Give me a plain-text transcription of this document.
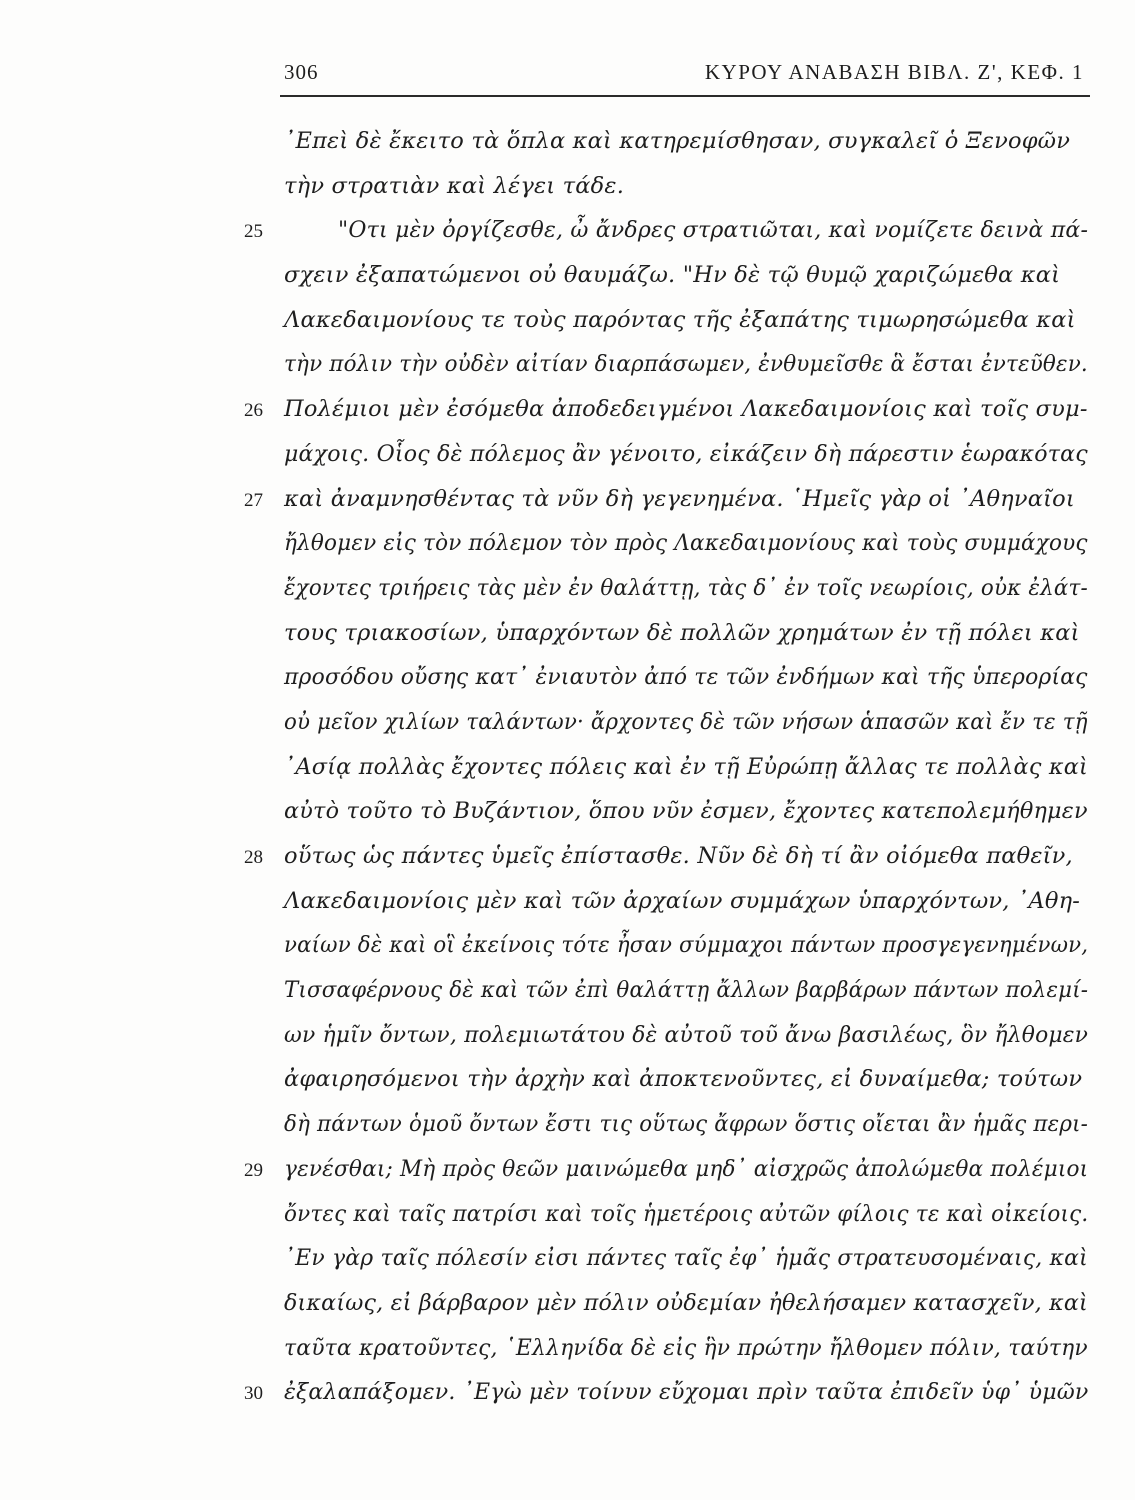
306	ΚΥΡΟΥ ΑΝΑΒΑΣΗ ΒΙΒΛ. Ζ', ΚΕΦ. 1
᾿Επεὶ δὲ ἔκειτο τὰ ὅπλα καὶ κατηρεμίσθησαν, συγκαλεῖ ὁ Ξενοφῶν
τὴν στρατιὰν καὶ λέγει τάδε.
25	"Οτι μὲν ὀργίζεσθε, ὦ ἄνδρες στρατιῶται, καὶ νομίζετε δεινὰ πά-
σχειν ἐξαπατώμενοι οὐ θαυμάζω. "Ην δὲ τῷ θυμῷ χαριζώμεθα καὶ
Λακεδαιμονίους τε τοὺς παρόντας τῆς ἐξαπάτης τιμωρησώμεθα καὶ
τὴν πόλιν τὴν οὐδὲν αἰτίαν διαρπάσωμεν, ἐνθυμεῖσθε ἃ ἔσται ἐντεῦθεν.
26 Πολέμιοι μὲν ἐσόμεθα ἀποδεδειγμένοι Λακεδαιμονίοις καὶ τοῖς συμ-
μάχοις. Οἷος δὲ πόλεμος ἂν γένοιτο, εἰκάζειν δὴ πάρεστιν ἑωρακότας
27 καὶ ἀναμνησθέντας τὰ νῦν δὴ γεγενημένα. ῾Ημεῖς γὰρ οἱ ᾿Αθηναῖοι
ἤλθομεν εἰς τὸν πόλεμον τὸν πρὸς Λακεδαιμονίους καὶ τοὺς συμμάχους
ἔχοντες τριήρεις τὰς μὲν ἐν θαλάττῃ, τὰς δ᾿ ἐν τοῖς νεωρίοις, οὐκ ἐλάτ-
τους τριακοσίων, ὑπαρχόντων δὲ πολλῶν χρημάτων ἐν τῇ πόλει καὶ
προσόδου οὔσης κατ᾿ ἐνιαυτὸν ἀπό τε τῶν ἐνδήμων καὶ τῆς ὑπερορίας
οὐ μεῖον χιλίων ταλάντων· ἄρχοντες δὲ τῶν νήσων ἁπασῶν καὶ ἔν τε τῇ
᾿Ασίᾳ πολλὰς ἔχοντες πόλεις καὶ ἐν τῇ Εὐρώπῃ ἄλλας τε πολλὰς καὶ
αὐτὸ τοῦτο τὸ Βυζάντιον, ὅπου νῦν ἐσμεν, ἔχοντες κατεπολεμήθημεν
28 οὕτως ὡς πάντες ὑμεῖς ἐπίστασθε. Νῦν δὲ δὴ τί ἂν οἰόμεθα παθεῖν,
Λακεδαιμονίοις μὲν καὶ τῶν ἀρχαίων συμμάχων ὑπαρχόντων, ᾿Αθη-
ναίων δὲ καὶ οἳ ἐκείνοις τότε ἦσαν σύμμαχοι πάντων προσγεγενημένων,
Τισσαφέρνους δὲ καὶ τῶν ἐπὶ θαλάττῃ ἄλλων βαρβάρων πάντων πολεμί-
ων ἡμῖν ὄντων, πολεμιωτάτου δὲ αὐτοῦ τοῦ ἄνω βασιλέως, ὃν ἤλθομεν
ἀφαιρησόμενοι τὴν ἀρχὴν καὶ ἀποκτενοῦντες, εἰ δυναίμεθα; τούτων
δὴ πάντων ὁμοῦ ὄντων ἔστι τις οὕτως ἄφρων ὅστις οἴεται ἂν ἡμᾶς περι-
29 γενέσθαι; Μὴ πρὸς θεῶν μαινώμεθα μηδ᾿ αἰσχρῶς ἀπολώμεθα πολέμιοι
ὄντες καὶ ταῖς πατρίσι καὶ τοῖς ἡμετέροις αὐτῶν φίλοις τε καὶ οἰκείοις.
᾿Εν γὰρ ταῖς πόλεσίν εἰσι πάντες ταῖς ἐφ᾿ ἡμᾶς στρατευσομέναις, καὶ
δικαίως, εἰ βάρβαρον μὲν πόλιν οὐδεμίαν ἠθελήσαμεν κατασχεῖν, καὶ
ταῦτα κρατοῦντες, ῾Ελληνίδα δὲ εἰς ἣν πρώτην ἤλθομεν πόλιν, ταύτην
30 ἐξαλαπάξομεν. ᾿Εγὼ μὲν τοίνυν εὔχομαι πρὶν ταῦτα ἐπιδεῖν ὑφ᾿ ὑμῶν
